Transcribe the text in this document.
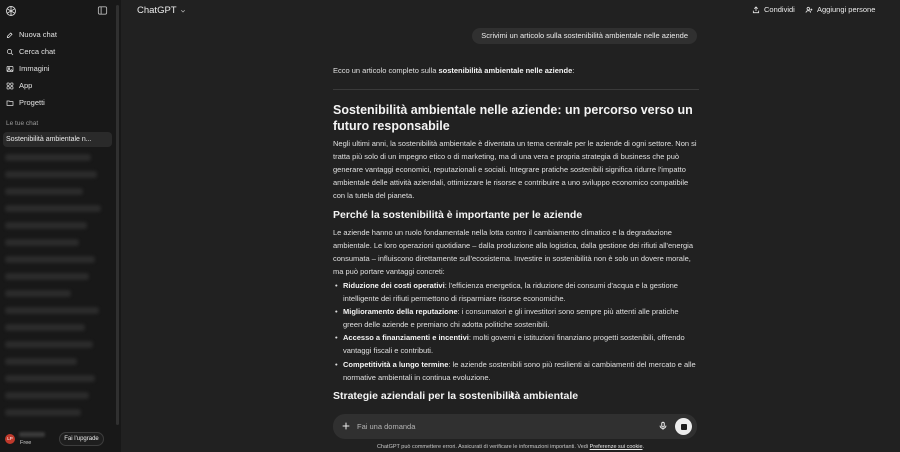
Nuova chat
Cerca chat
Immagini
App
Progetti
Le tue chat
Sostenibilità ambientale n...
LP
Free
Fai l'upgrade
ChatGPT	Condividi	Aggiungi persone
Scrivimi un articolo sulla sostenibilità ambientale nelle aziende

Ecco un articolo completo sulla sostenibilità ambientale nelle aziende:

Sostenibilità ambientale nelle aziende: un percorso verso un futuro responsabile

Negli ultimi anni, la sostenibilità ambientale è diventata un tema centrale per le aziende di ogni settore. Non si tratta più solo di un impegno etico o di marketing, ma di una vera e propria strategia di business che può generare vantaggi economici, reputazionali e sociali. Integrare pratiche sostenibili significa ridurre l'impatto ambientale delle attività aziendali, ottimizzare le risorse e contribuire a uno sviluppo economico compatibile con la tutela del pianeta.

Perché la sostenibilità è importante per le aziende

Le aziende hanno un ruolo fondamentale nella lotta contro il cambiamento climatico e la degradazione ambientale. Le loro operazioni quotidiane – dalla produzione alla logistica, dalla gestione dei rifiuti all'energia consumata – influiscono direttamente sull'ecosistema. Investire in sostenibilità non è solo un dovere morale, ma può portare vantaggi concreti:

• Riduzione dei costi operativi: l'efficienza energetica, la riduzione dei consumi d'acqua e la gestione intelligente dei rifiuti permettono di risparmiare risorse economiche.
• Miglioramento della reputazione: i consumatori e gli investitori sono sempre più attenti alle pratiche green delle aziende e premiano chi adotta politiche sostenibili.
• Accesso a finanziamenti e incentivi: molti governi e istituzioni finanziano progetti sostenibili, offrendo vantaggi fiscali e contributi.
• Competitività a lungo termine: le aziende sostenibili sono più resilienti ai cambiamenti del mercato e alle normative ambientali in continua evoluzione.
Strategie aziendali per la sostenibilità ambientale
Fai una domanda
ChatGPT può commettere errori. Assicurati di verificare le informazioni importanti. Vedi Preferenze sui cookie.
